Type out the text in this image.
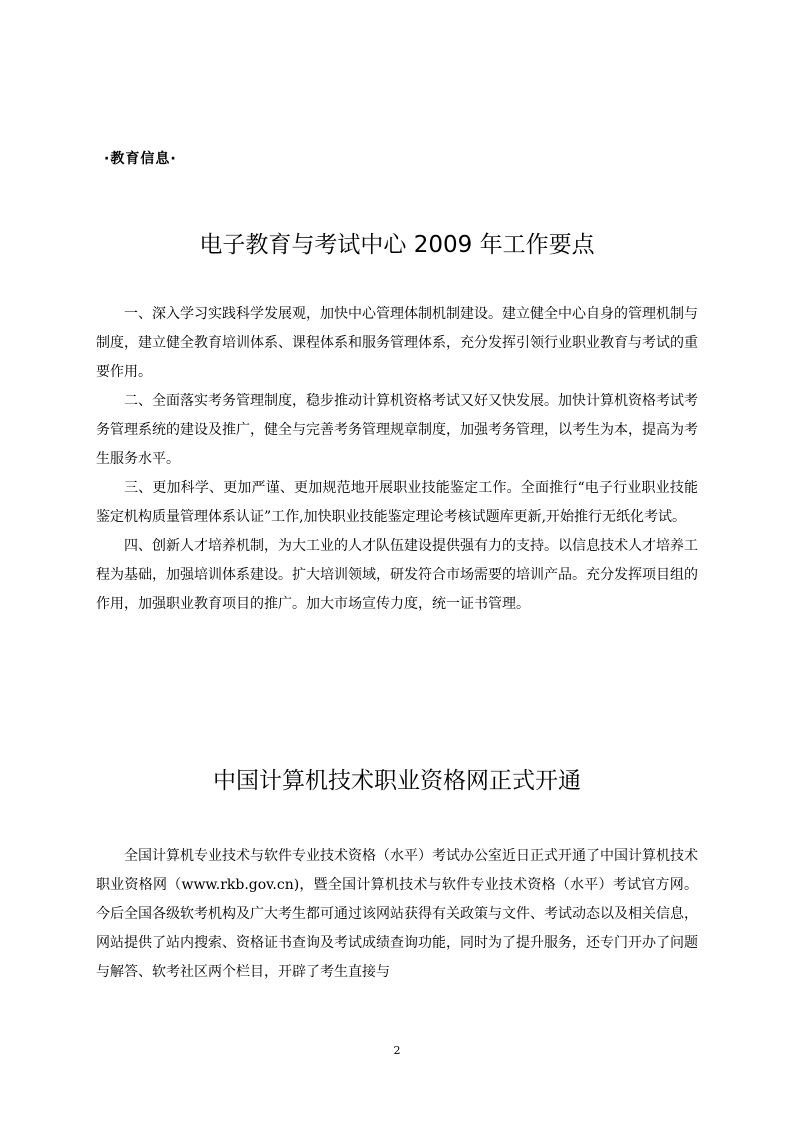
·教育信息·
电子教育与考试中心 2009 年工作要点

一、深入学习实践科学发展观，加快中心管理体制机制建设。建立健全中心自身的管理机制与制度，建立健全教育培训体系、课程体系和服务管理体系，充分发挥引领行业职业教育与考试的重要作用。

二、全面落实考务管理制度，稳步推动计算机资格考试又好又快发展。加快计算机资格考试考务管理系统的建设及推广，健全与完善考务管理规章制度，加强考务管理，以考生为本，提高为考生服务水平。

三、更加科学、更加严谨、更加规范地开展职业技能鉴定工作。全面推行“电子行业职业技能鉴定机构质量管理体系认证”工作,加快职业技能鉴定理论考核试题库更新,开始推行无纸化考试。

四、创新人才培养机制，为大工业的人才队伍建设提供强有力的支持。以信息技术人才培养工程为基础，加强培训体系建设。扩大培训领域，研发符合市场需要的培训产品。充分发挥项目组的作用，加强职业教育项目的推广。加大市场宣传力度，统一证书管理。

中国计算机技术职业资格网正式开通

全国计算机专业技术与软件专业技术资格（水平）考试办公室近日正式开通了中国计算机技术职业资格网（www.rkb.gov.cn)，暨全国计算机技术与软件专业技术资格（水平）考试官方网。今后全国各级软考机构及广大考生都可通过该网站获得有关政策与文件、考试动态以及相关信息，网站提供了站内搜索、资格证书查询及考试成绩查询功能，同时为了提升服务，还专门开办了问题与解答、软考社区两个栏目，开辟了考生直接与

2
